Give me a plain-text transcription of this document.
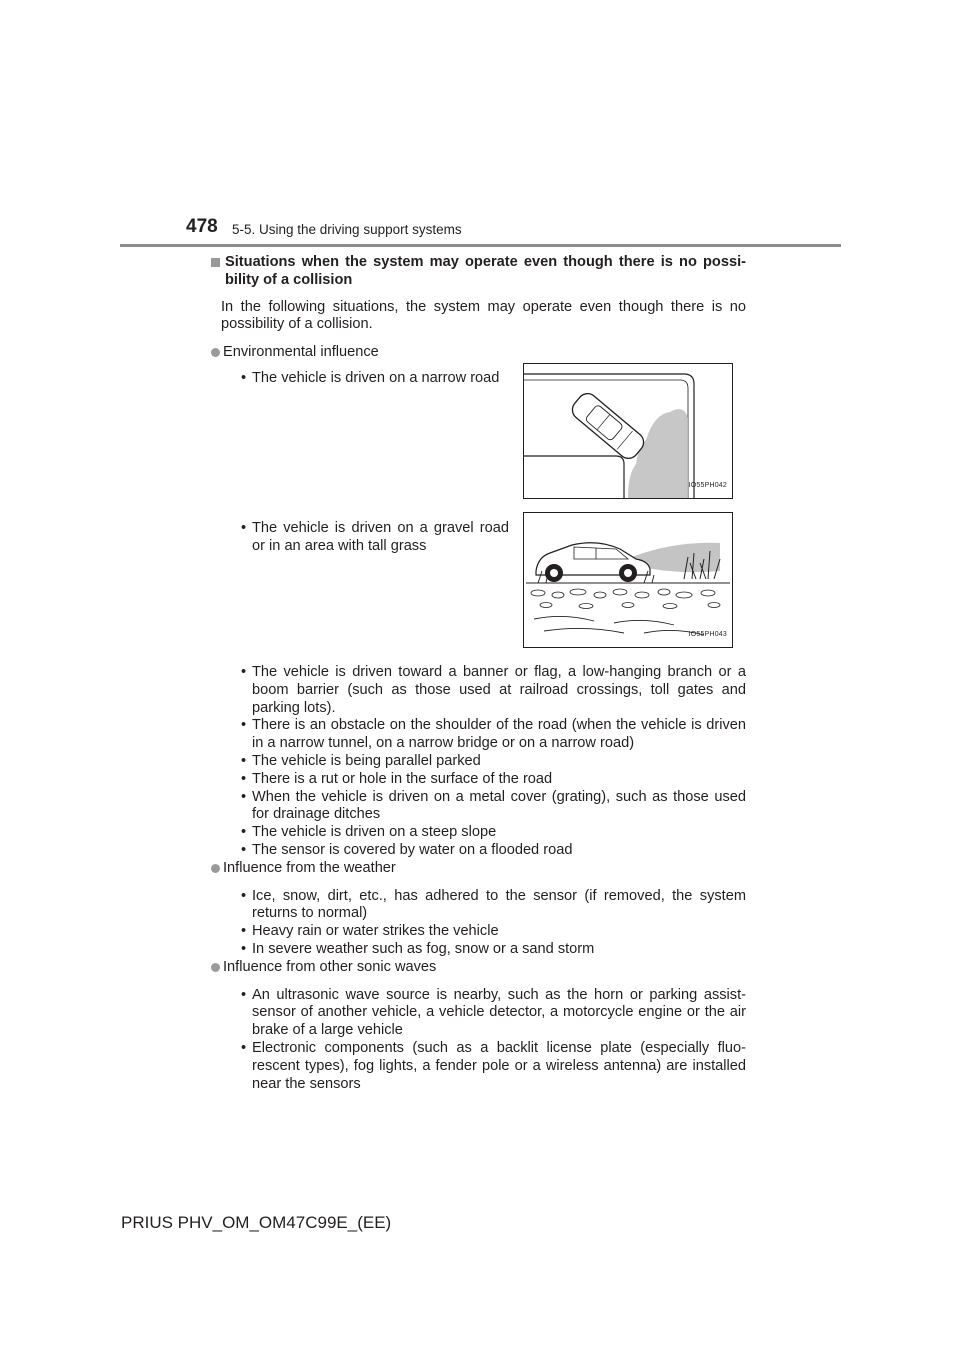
478 5-5. Using the driving support systems
Situations when the system may operate even though there is no possi-bility of a collision
In the following situations, the system may operate even though there is no possibility of a collision.
Environmental influence
• The vehicle is driven on a narrow road
IO55PH042
• The vehicle is driven on a gravel road or in an area with tall grass
IO55PH043
• The vehicle is driven toward a banner or flag, a low-hanging branch or a boom barrier (such as those used at railroad crossings, toll gates and parking lots).
• There is an obstacle on the shoulder of the road (when the vehicle is driven in a narrow tunnel, on a narrow bridge or on a narrow road)
• The vehicle is being parallel parked
• There is a rut or hole in the surface of the road
• When the vehicle is driven on a metal cover (grating), such as those used for drainage ditches
• The vehicle is driven on a steep slope
• The sensor is covered by water on a flooded road
Influence from the weather
• Ice, snow, dirt, etc., has adhered to the sensor (if removed, the system returns to normal)
• Heavy rain or water strikes the vehicle
• In severe weather such as fog, snow or a sand storm
Influence from other sonic waves
• An ultrasonic wave source is nearby, such as the horn or parking assist-sensor of another vehicle, a vehicle detector, a motorcycle engine or the air brake of a large vehicle
• Electronic components (such as a backlit license plate (especially fluo-rescent types), fog lights, a fender pole or a wireless antenna) are installed near the sensors
PRIUS PHV_OM_OM47C99E_(EE)
